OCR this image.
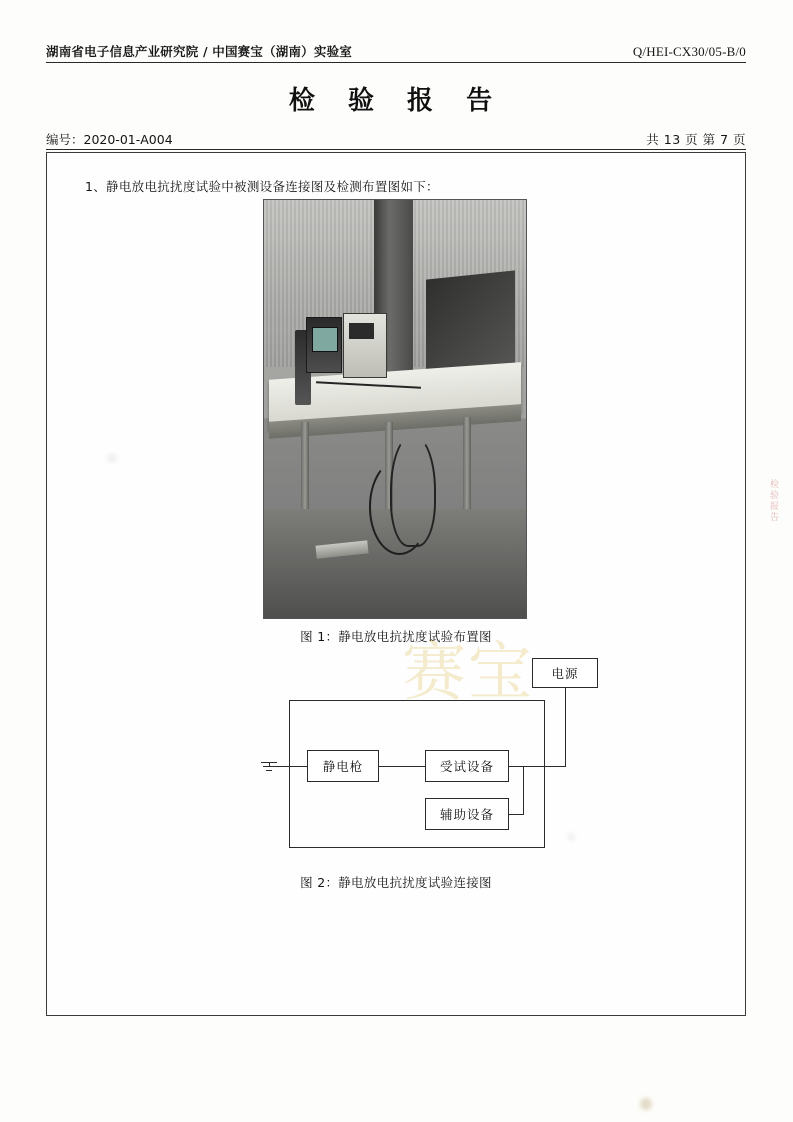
湖南省电子信息产业研究院 / 中国赛宝（湖南）实验室	Q/HEI-CX30/05-B/0
检 验 报 告
编号：2020-01-A004	共 13 页 第 7 页
1、静电放电抗扰度试验中被测设备连接图及检测布置图如下：
图 1：静电放电抗扰度试验布置图
电源
静电枪	受试设备
辅助设备
图 2：静电放电抗扰度试验连接图
赛宝
检验报告
